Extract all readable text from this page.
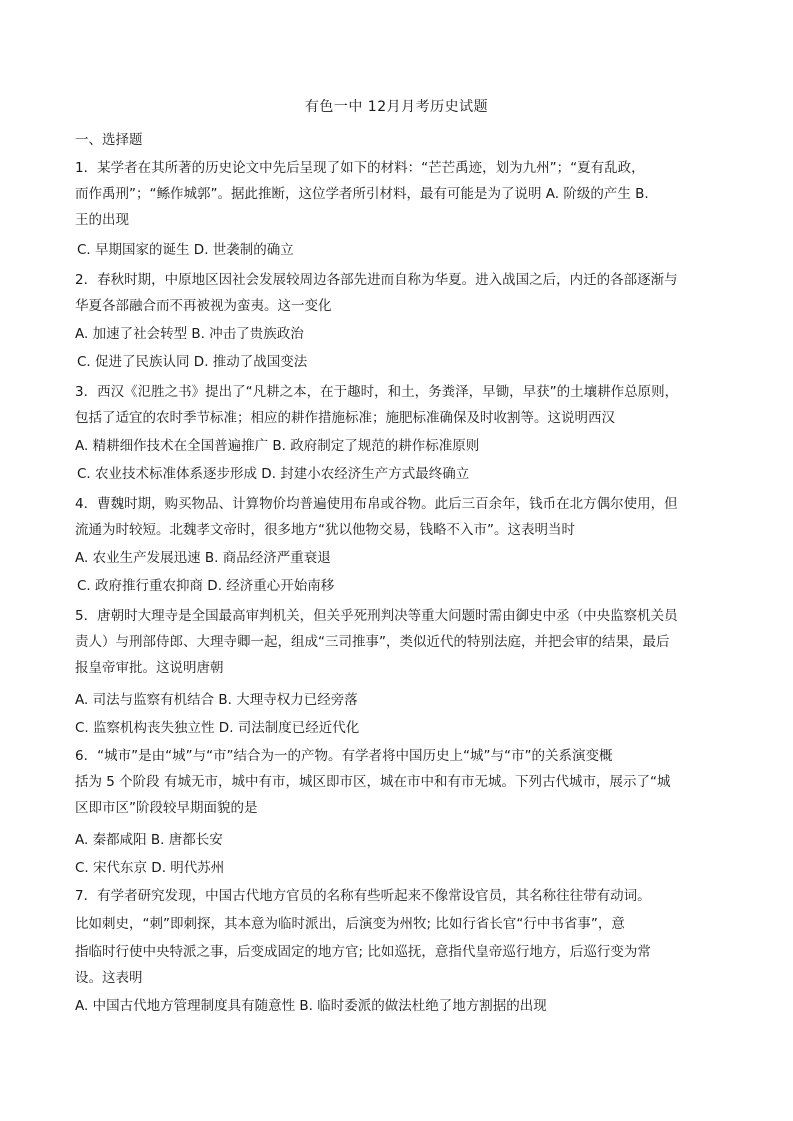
有色一中 12月月考历史试题
一、选择题
1．某学者在其所著的历史论文中先后呈现了如下的材料：“芒芒禹迹，划为九州”；“夏有乱政，
而作禹刑”；“鲧作城郭”。据此推断，这位学者所引材料，最有可能是为了说明 A. 阶级的产生 B.
王的出现
C. 早期国家的诞生 D. 世袭制的确立
2．春秋时期，中原地区因社会发展较周边各部先进而自称为华夏。进入战国之后，内迁的各部逐渐与
华夏各部融合而不再被视为蛮夷。这一变化
A. 加速了社会转型 B. 冲击了贵族政治
C. 促进了民族认同 D. 推动了战国变法
3．西汉《氾胜之书》提出了“凡耕之本，在于趣时，和土，务粪泽，早锄，早获”的土壤耕作总原则，
包括了适宜的农时季节标准；相应的耕作措施标准；施肥标准确保及时收割等。这说明西汉
A. 精耕细作技术在全国普遍推广 B. 政府制定了规范的耕作标准原则
C. 农业技术标准体系逐步形成 D. 封建小农经济生产方式最终确立
4．曹魏时期，购买物品、计算物价均普遍使用布帛或谷物。此后三百余年，钱币在北方偶尔使用，但
流通为时较短。北魏孝文帝时，很多地方“犹以他物交易，钱略不入市”。这表明当时
A. 农业生产发展迅速 B. 商品经济严重衰退
C. 政府推行重农抑商 D. 经济重心开始南移
5．唐朝时大理寺是全国最高审判机关，但关乎死刑判决等重大问题时需由御史中丞（中央监察机关员
责人）与刑部侍郎、大理寺卿一起，组成“三司推事”，类似近代的特别法庭，并把会审的结果，最后
报皇帝审批。这说明唐朝
A. 司法与监察有机结合 B. 大理寺权力已经旁落
C. 监察机构丧失独立性 D. 司法制度已经近代化
6．“城市”是由“城”与“市”结合为一的产物。有学者将中国历史上“城”与“市”的关系演变概
括为 5 个阶段 有城无市，城中有市，城区即市区，城在市中和有市无城。下列古代城市，展示了“城
区即市区”阶段较早期面貌的是
A. 秦都咸阳 B. 唐都长安
C. 宋代东京 D. 明代苏州
7．有学者研究发现，中国古代地方官员的名称有些听起来不像常设官员，其名称往往带有动词。
比如刺史，“刺”即刺探，其本意为临时派出，后演变为州牧; 比如行省长官“行中书省事”，意
指临时行使中央特派之事，后变成固定的地方官; 比如巡抚，意指代皇帝巡行地方，后巡行变为常
设。这表明
A. 中国古代地方管理制度具有随意性 B. 临时委派的做法杜绝了地方割据的出现
